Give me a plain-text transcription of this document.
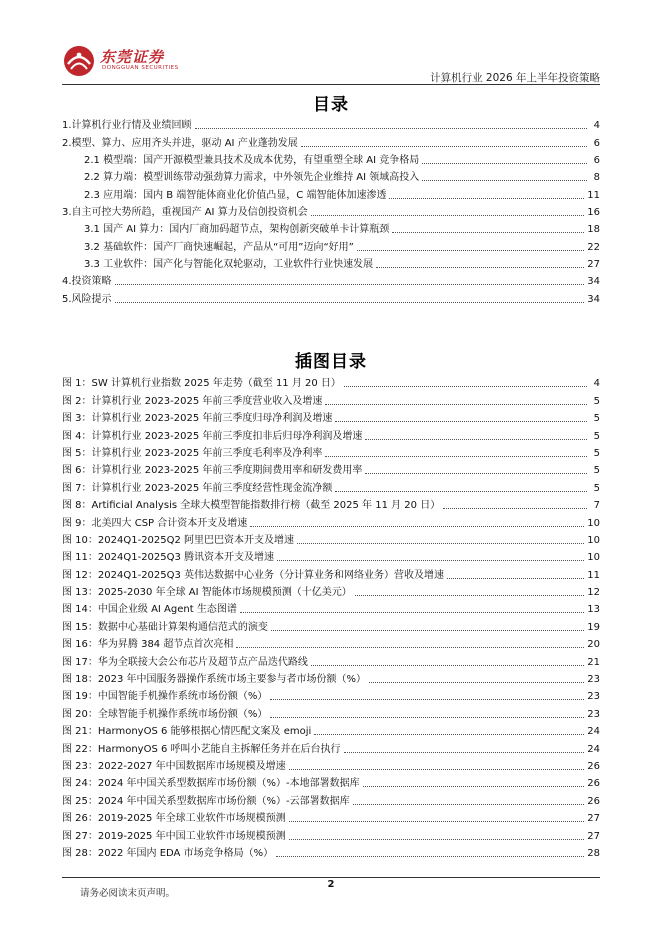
东莞证券
DONGGUAN SECURITIES
计算机行业 2026 年上半年投资策略
目录
1.计算机行业行情及业绩回顾	4
2.模型、算力、应用齐头并进，驱动 AI 产业蓬勃发展	6
2.1 模型端：国产开源模型兼具技术及成本优势，有望重塑全球 AI 竞争格局	6
2.2 算力端：模型训练带动强劲算力需求，中外领先企业维持 AI 领域高投入	8
2.3 应用端：国内 B 端智能体商业化价值凸显，C 端智能体加速渗透	11
3.自主可控大势所趋，重视国产 AI 算力及信创投资机会	16
3.1 国产 AI 算力：国内厂商加码超节点，架构创新突破单卡计算瓶颈	18
3.2 基础软件：国产厂商快速崛起，产品从“可用”迈向“好用”	22
3.3 工业软件：国产化与智能化双轮驱动，工业软件行业快速发展	27
4.投资策略	34
5.风险提示	34
插图目录
图 1：SW 计算机行业指数 2025 年走势（截至 11 月 20 日）	4
图 2：计算机行业 2023-2025 年前三季度营业收入及增速	5
图 3：计算机行业 2023-2025 年前三季度归母净利润及增速	5
图 4：计算机行业 2023-2025 年前三季度扣非后归母净利润及增速	5
图 5：计算机行业 2023-2025 年前三季度毛利率及净利率	5
图 6：计算机行业 2023-2025 年前三季度期间费用率和研发费用率	5
图 7：计算机行业 2023-2025 年前三季度经营性现金流净额	5
图 8：Artificial Analysis 全球大模型智能指数排行榜（截至 2025 年 11 月 20 日）	7
图 9：北美四大 CSP 合计资本开支及增速	10
图 10：2024Q1-2025Q2 阿里巴巴资本开支及增速	10
图 11：2024Q1-2025Q3 腾讯资本开支及增速	10
图 12：2024Q1-2025Q3 英伟达数据中心业务（分计算业务和网络业务）营收及增速	11
图 13：2025-2030 年全球 AI 智能体市场规模预测（十亿美元）	12
图 14：中国企业级 AI Agent 生态图谱	13
图 15：数据中心基础计算架构通信范式的演变	19
图 16：华为昇腾 384 超节点首次亮相	20
图 17：华为全联接大会公布芯片及超节点产品迭代路线	21
图 18：2023 年中国服务器操作系统市场主要参与者市场份额（%）	23
图 19：中国智能手机操作系统市场份额（%）	23
图 20：全球智能手机操作系统市场份额（%）	23
图 21：HarmonyOS 6 能够根据心情匹配文案及 emoji	24
图 22：HarmonyOS 6 呼叫小艺能自主拆解任务并在后台执行	24
图 23：2022-2027 年中国数据库市场规模及增速	26
图 24：2024 年中国关系型数据库市场份额（%）-本地部署数据库	26
图 25：2024 年中国关系型数据库市场份额（%）-云部署数据库	26
图 26：2019-2025 年全球工业软件市场规模预测	27
图 27：2019-2025 年中国工业软件市场规模预测	27
图 28：2022 年国内 EDA 市场竞争格局（%）	28
2
请务必阅读末页声明。
